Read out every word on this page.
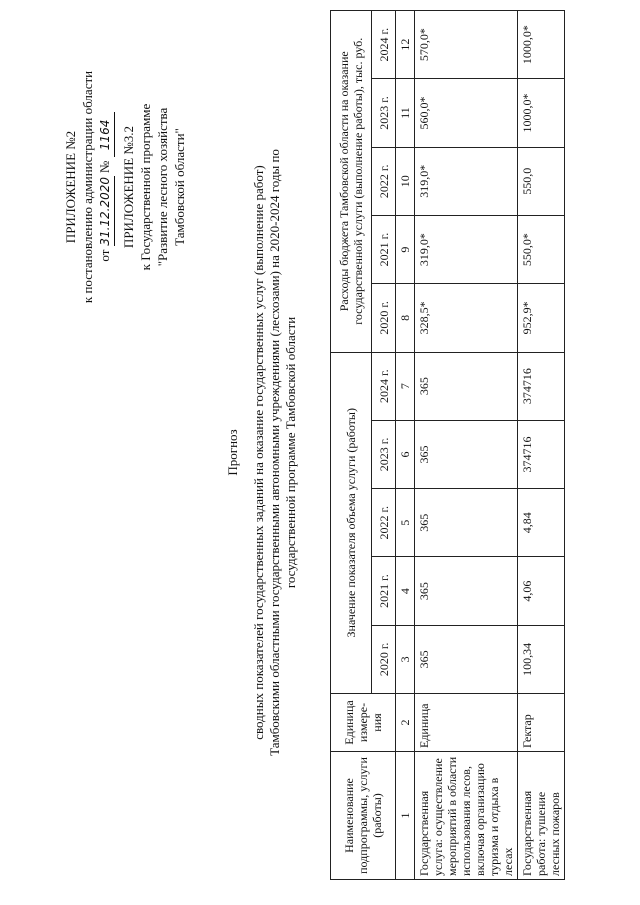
ПРИЛОЖЕНИЕ №2 к постановлению администрации области от 31.12.2020 № 1164 ПРИЛОЖЕНИЕ №3.2 к Государственной программе "Развитие лесного хозяйства Тамбовской области"
Прогноз сводных показателей государственных заданий на оказание государственных услуг (выполнение работ) Тамбовскими областными государственными автономными учреждениями (лесхозами) на 2020-2024 годы по государственной программе Тамбовской области
Наименование подпрограммы, услуги (работы)	Единица измере-ния	Значение показателя объема услуги (работы)					Расходы бюджета Тамбовской области на оказание государственной услуги (выполнение работы), тыс. руб.				
		2020 г.	2021 г.	2022 г.	2023 г.	2024 г.	2020 г.	2021 г.	2022 г.	2023 г.	2024 г.
1	2	3	4	5	6	7	8	9	10	11	12
Государственная услуга: осуществление мероприятий в области использования лесов, включая организацию туризма и отдыха в лесах	Единица	365	365	365	365	365	328,5*	319,0*	319,0*	560,0*	570,0*
Государственная работа: тушение лесных пожаров	Гектар	100,34	4,06	4,84	374716	374716	952,9*	550,0*	550,0	1000,0*	1000,0*
